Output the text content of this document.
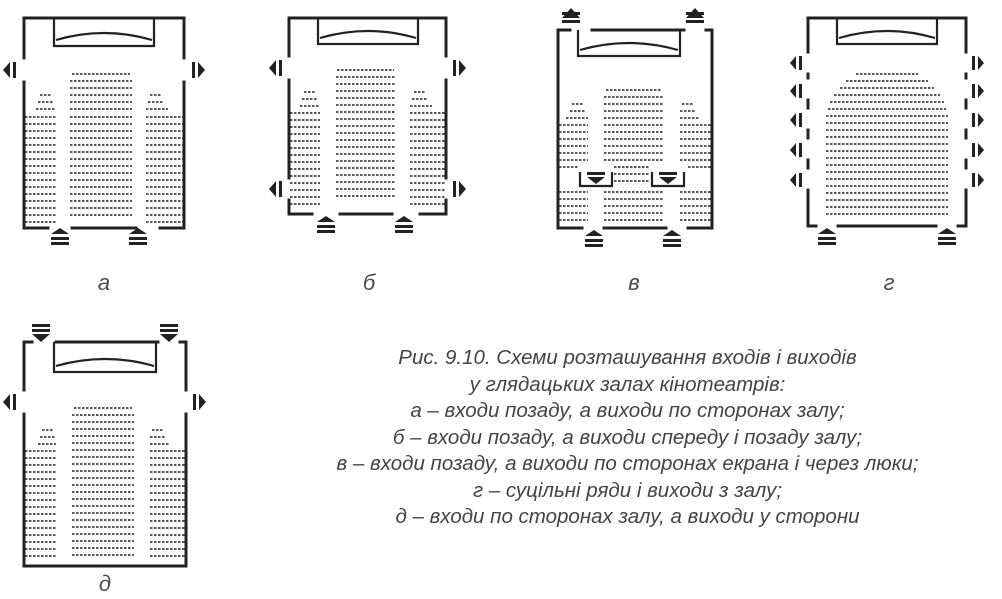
а	б	в	г
д
Рис. 9.10. Схеми розташування входів і виходів
у глядацьких залах кінотеатрів:
а – входи позаду, а виходи по сторонах залу;
б – входи позаду, а виходи спереду і позаду залу;
в – входи позаду, а виходи по сторонах екрана і через люки;
г – суцільні ряди і виходи з залу;
д – входи по сторонах залу, а виходи у сторони
